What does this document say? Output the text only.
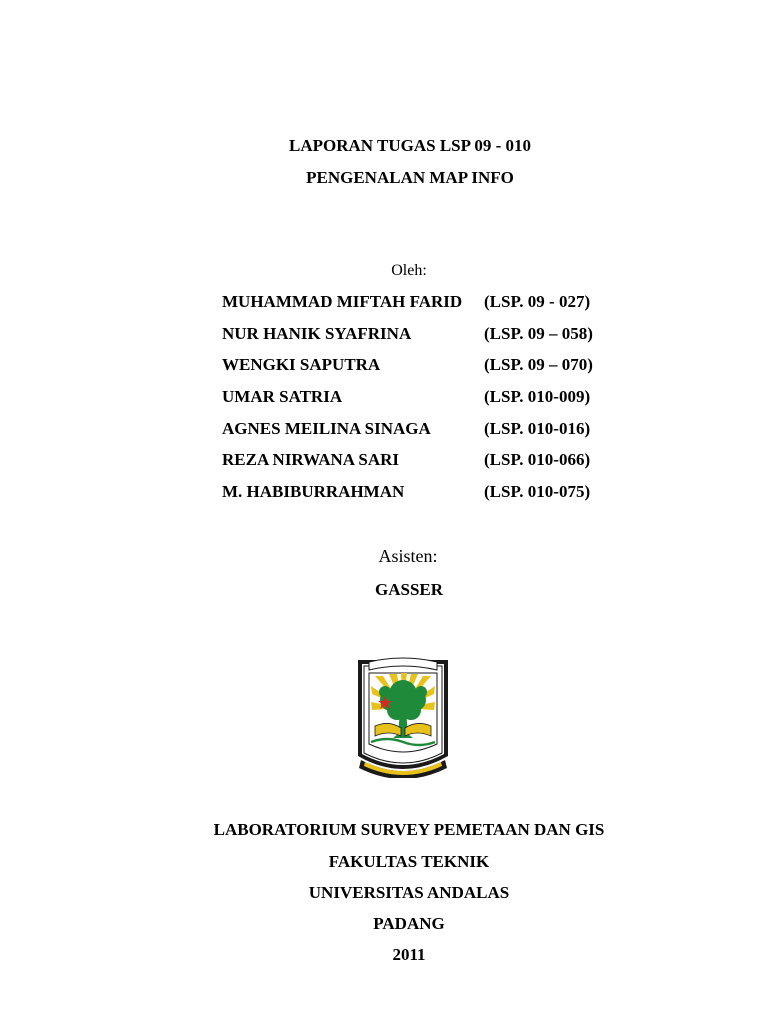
LAPORAN TUGAS LSP 09 - 010
PENGENALAN MAP INFO
Oleh:
MUHAMMAD MIFTAH FARID (LSP. 09 - 027)
NUR HANIK SYAFRINA	(LSP. 09 – 058)
WENGKI SAPUTRA	(LSP. 09 – 070)
UMAR SATRIA	(LSP. 010-009)
AGNES MEILINA SINAGA	(LSP. 010-016)
REZA NIRWANA SARI	(LSP. 010-066)
M. HABIBURRAHMAN	(LSP. 010-075)
Asisten:
GASSER
LABORATORIUM SURVEY PEMETAAN DAN GIS
FAKULTAS TEKNIK
UNIVERSITAS ANDALAS
PADANG
2011
